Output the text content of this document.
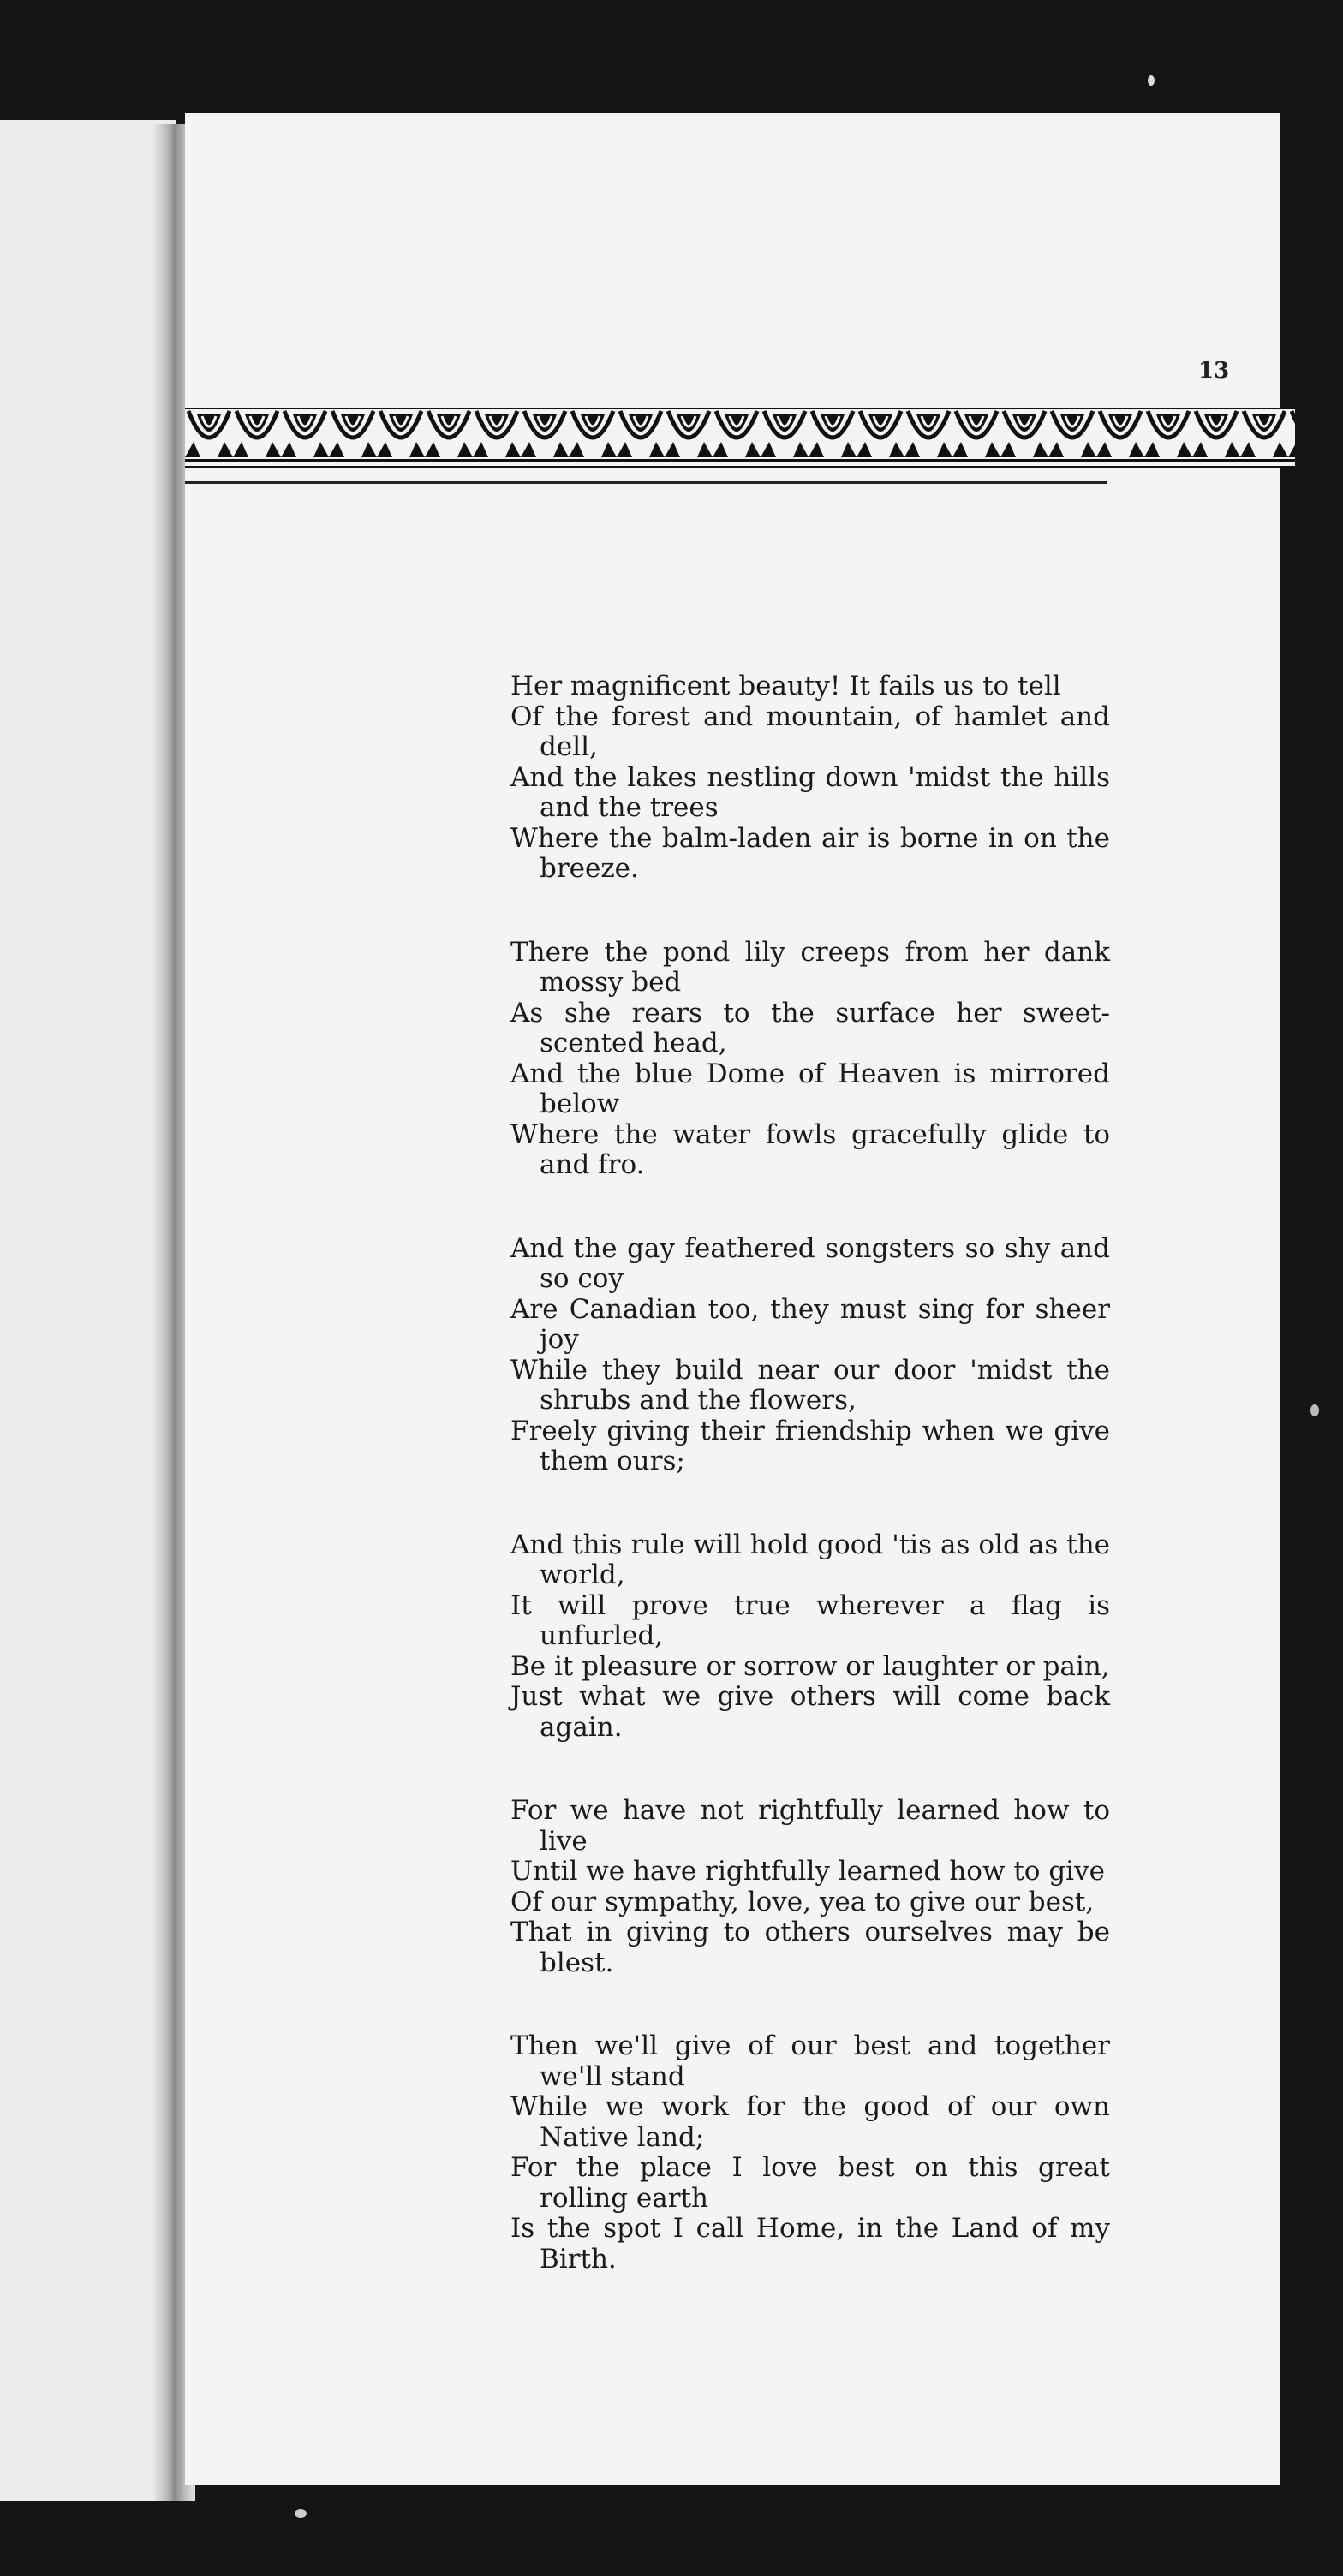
13
Her magnificent beauty! It fails us to tell
Of the forest and mountain, of hamlet and dell,
And the lakes nestling down 'midst the hills and the trees
Where the balm-laden air is borne in on the breeze.
There the pond lily creeps from her dank mossy bed
As she rears to the surface her sweet-scented head,
And the blue Dome of Heaven is mirrored below
Where the water fowls gracefully glide to and fro.
And the gay feathered songsters so shy and so coy
Are Canadian too, they must sing for sheer joy
While they build near our door 'midst the shrubs and the flowers,
Freely giving their friendship when we give them ours;
And this rule will hold good 'tis as old as the world,
It will prove true wherever a flag is unfurled,
Be it pleasure or sorrow or laughter or pain,
Just what we give others will come back again.
For we have not rightfully learned how to live
Until we have rightfully learned how to give
Of our sympathy, love, yea to give our best,
That in giving to others ourselves may be blest.
Then we'll give of our best and together we'll stand
While we work for the good of our own Native land;
For the place I love best on this great rolling earth
Is the spot I call Home, in the Land of my Birth.
